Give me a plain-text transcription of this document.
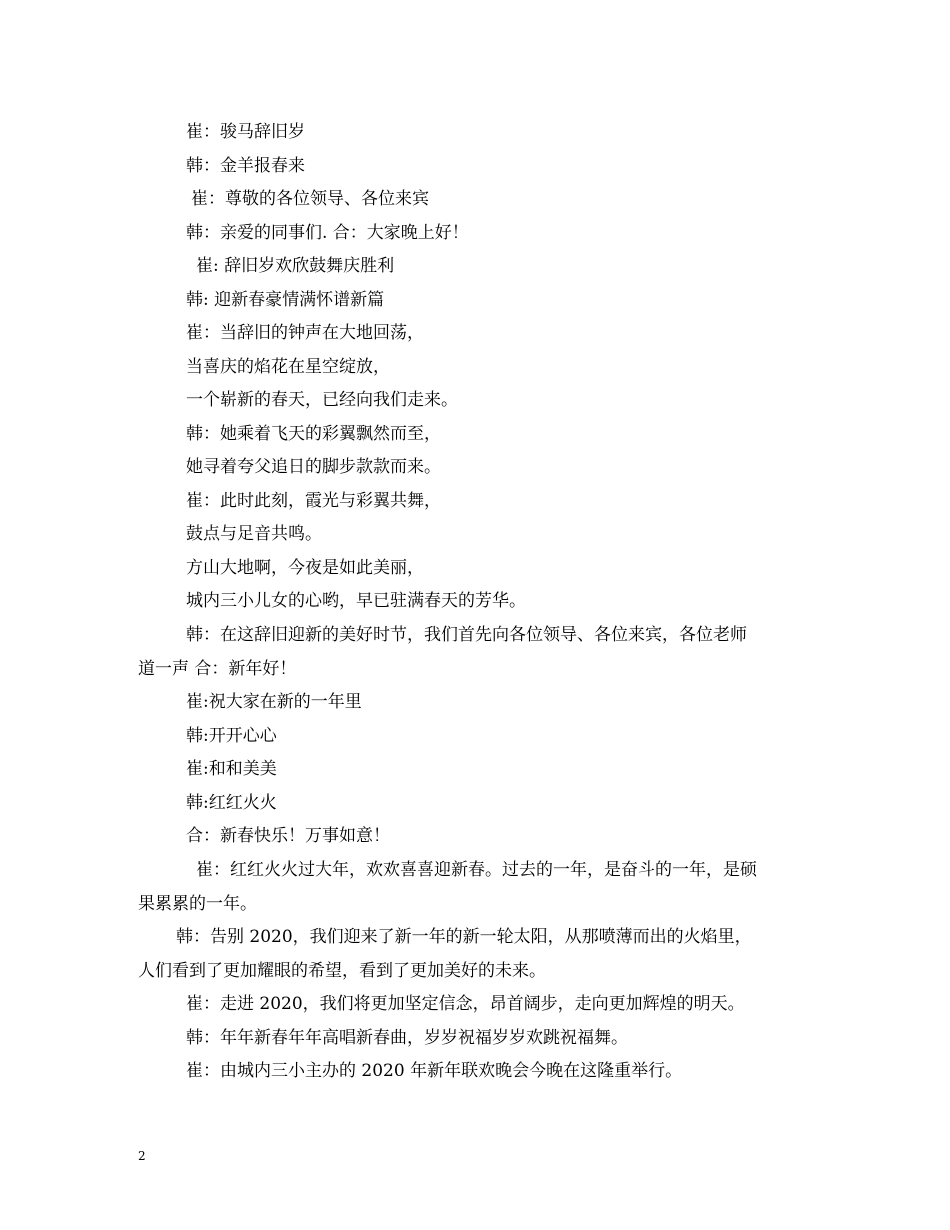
崔：骏马辞旧岁
韩：金羊报春来
崔：尊敬的各位领导、各位来宾
韩：亲爱的同事们. 合：大家晚上好！
崔: 辞旧岁欢欣鼓舞庆胜利
韩: 迎新春豪情满怀谱新篇
崔：当辞旧的钟声在大地回荡，
当喜庆的焰花在星空绽放，
一个崭新的春天，已经向我们走来。
韩：她乘着飞天的彩翼飘然而至，
她寻着夸父追日的脚步款款而来。
崔：此时此刻，霞光与彩翼共舞，
鼓点与足音共鸣。
方山大地啊，今夜是如此美丽，
城内三小儿女的心哟，早已驻满春天的芳华。
韩：在这辞旧迎新的美好时节，我们首先向各位领导、各位来宾，各位老师
道一声 合：新年好！
崔:祝大家在新的一年里
韩:开开心心
崔:和和美美
韩:红红火火
合：新春快乐！万事如意！
崔：红红火火过大年，欢欢喜喜迎新春。过去的一年，是奋斗的一年，是硕
果累累的一年。
韩：告别 2020，我们迎来了新一年的新一轮太阳，从那喷薄而出的火焰里，
人们看到了更加耀眼的希望，看到了更加美好的未来。
崔：走进 2020，我们将更加坚定信念，昂首阔步，走向更加辉煌的明天。
韩：年年新春年年高唱新春曲，岁岁祝福岁岁欢跳祝福舞。
崔：由城内三小主办的 2020 年新年联欢晚会今晚在这隆重举行。
2
